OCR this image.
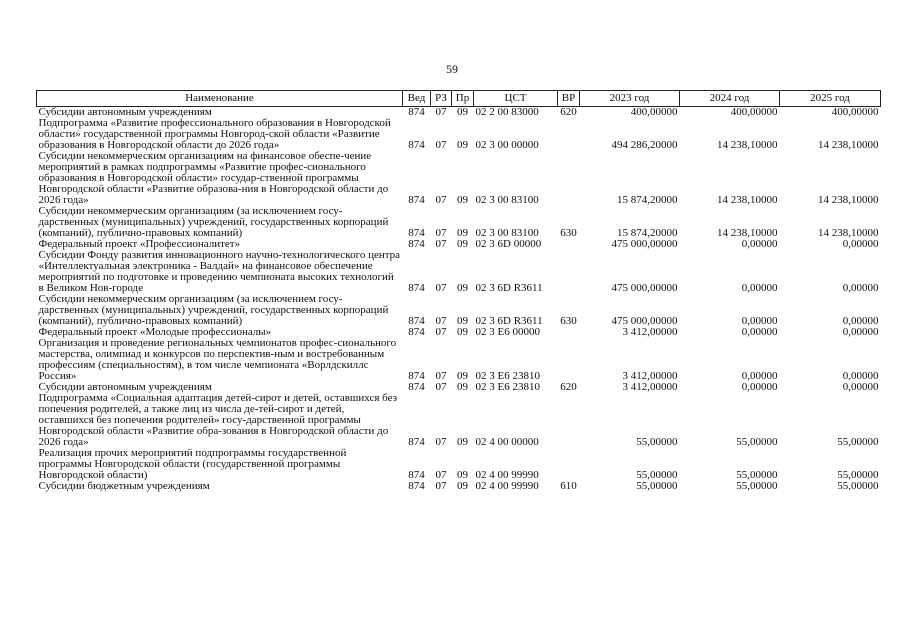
59
Наименование	Вед	РЗ	Пр	ЦСТ	ВР	2023 год	2024 год	2025 год
Субсидии автономным учреждениям	874	07	09	02 2 00 83000	620	400,00000	400,00000	400,00000
Подпрограмма «Развитие профессионального образования в Новгородской области» государственной программы Новгород-ской области «Развитие образования в Новгородской области до 2026 года»	874	07	09	02 3 00 00000		494 286,20000	14 238,10000	14 238,10000
Субсидии некоммерческим организациям на финансовое обеспе-чение мероприятий в рамках подпрограммы «Развитие профес-сионального образования в Новгородской области» государ-ственной программы Новгородской области «Развитие образова-ния в Новгородской области до 2026 года»	874	07	09	02 3 00 83100		15 874,20000	14 238,10000	14 238,10000
Субсидии некоммерческим организациям (за исключением госу-дарственных (муниципальных) учреждений, государственных корпораций (компаний), публично-правовых компаний)	874	07	09	02 3 00 83100	630	15 874,20000	14 238,10000	14 238,10000
Федеральный проект «Профессионалитет»	874	07	09	02 3 6D 00000		475 000,00000	0,00000	0,00000
Субсидии Фонду развития инновационного научно-технологического центра «Интеллектуальная электроника - Валдай» на финансовое обеспечение мероприятий по подготовке и проведению чемпионата высоких технологий в Великом Нов-городе	874	07	09	02 3 6D R3611		475 000,00000	0,00000	0,00000
Субсидии некоммерческим организациям (за исключением госу-дарственных (муниципальных) учреждений, государственных корпораций (компаний), публично-правовых компаний)	874	07	09	02 3 6D R3611	630	475 000,00000	0,00000	0,00000
Федеральный проект «Молодые профессионалы»	874	07	09	02 3 E6 00000		3 412,00000	0,00000	0,00000
Организация и проведение региональных чемпионатов профес-сионального мастерства, олимпиад и конкурсов по перспектив-ным и востребованным профессиям (специальностям), в том числе чемпионата «Ворлдскиллс Россия»	874	07	09	02 3 E6 23810		3 412,00000	0,00000	0,00000
Субсидии автономным учреждениям	874	07	09	02 3 E6 23810	620	3 412,00000	0,00000	0,00000
Подпрограмма «Социальная адаптация детей-сирот и детей, оставшихся без попечения родителей, а также лиц из числа де-тей-сирот и детей, оставшихся без попечения родителей» госу-дарственной программы Новгородской области «Развитие обра-зования в Новгородской области до 2026 года»	874	07	09	02 4 00 00000		55,00000	55,00000	55,00000
Реализация прочих мероприятий подпрограммы государственной программы Новгородской области (государственной программы Новгородской области)	874	07	09	02 4 00 99990		55,00000	55,00000	55,00000
Субсидии бюджетным учреждениям	874	07	09	02 4 00 99990	610	55,00000	55,00000	55,00000
